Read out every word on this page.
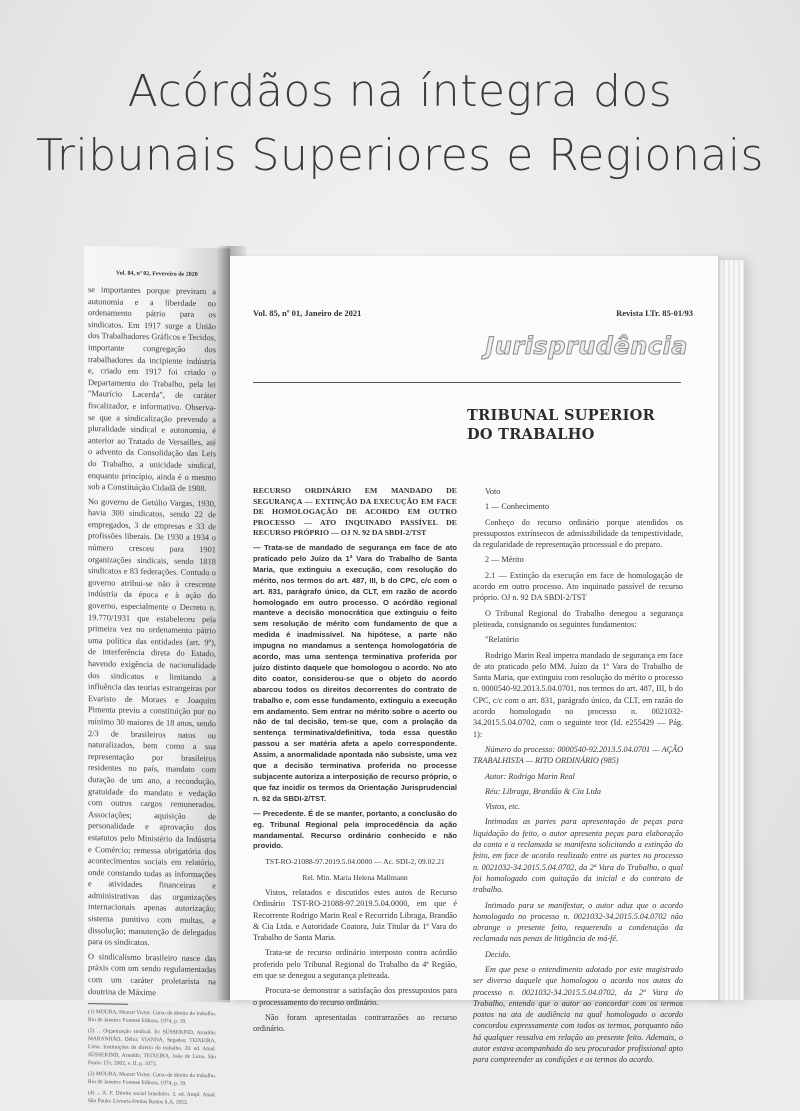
Acórdãos na íntegra dos
Tribunais Superiores e Regionais
Vol. 84, nº 02, Fevereiro de 2020

se importantes porque previram a autonomia e a liberdade no ordenamento pátrio para os sindicatos. Em 1917 surge a União dos Trabalhadores Gráficos e Tecidos, importante congregação dos trabalhadores da incipiente indústria e, criado em 1917 foi criado o Departamento do Trabalho, pela lei "Maurício Lacerda", de caráter fiscalizador, e informativo. Observa-se que a sindicalização prevendo a pluralidade sindical e autonomia, é anterior ao Tratado de Versailles, até o advento da Consolidação das Leis do Trabalho, a unicidade sindical, enquanto princípio, ainda é o mesmo sob a Constituição Cidadã de 1988.

No governo de Getúlio Vargas, 1930, havia 300 sindicatos, sendo 22 de empregados, 3 de empresas e 33 de profissões liberais. De 1930 a 1934 o número cresceu para 1901 organizações sindicais, sendo 1818 sindicatos e 83 federações. Contudo o governo atribui-se não à crescente indústria da época e à ação do governo, especialmente o Decreto n. 19.770/1931 que estabeleceu pela primeira vez no ordenamento pátrio uma política das entidades (art. 9º), de interferência direta do Estado, havendo exigência de nacionalidade dos sindicatos e limitando a influência das teorias estrangeiras por Evaristo de Moraes e Joaquim Pimenta previu a constituição por no mínimo 30 maiores de 18 anos, sendo 2/3 de brasileiros natos ou naturalizados, bem como a sua representação por brasileiros residentes no país, mandato com duração de um ano, a recondução, gratuidade do mandato e vedação com outros cargos remunerados. Associações; aquisição de personalidade e aprovação dos estatutos pelo Ministério da Indústria e Comércio; remessa obrigatória dos acontecimentos sociais em relatório, onde constando todas as informações e atividades financeiras e administrativas das organizações internacionais apenas autorização; sistema punitivo com multas, e dissolução; manutenção de delegados para os sindicatos.

O sindicalismo brasileiro nasce das práxis com um sendo regulamentadas com um caráter proletarista na doutrina de Máxime

(1) MOURA, Mozart Victor. Curso de direito do trabalho. Rio de Janeiro: Forense Editora, 1974, p. 19.

(2) ... Organização sindical. In: SÜSSEKIND, Arnaldo; MARANHÃO, Délio; VIANNA, Segadas; TEIXEIRA, Lima. Instituições de direito do trabalho. 20. ed. Atual. SÜSSEKIND, Arnaldo; TEIXEIRA, João de Lima. São Paulo: LTr, 2002, v. II, p. 1073.

(3) MOURA, Mozart Victor. Curso de direito do trabalho. Rio de Janeiro: Forense Editora, 1974, p. 19.

(4) ... A. F. Direito social brasileiro. 3. ed. Ampl. Atual. São Paulo: Livraria Freitas Bastos S.A, 1953.

Vol. 85, nº 01, Janeiro de 2021	Revista LTr. 85-01/93
Jurisprudência
TRIBUNAL SUPERIOR
DO TRABALHO

RECURSO ORDINÁRIO EM MANDADO DE SEGURANÇA — EXTINÇÃO DA EXECUÇÃO EM FACE DE HOMOLOGAÇÃO DE ACORDO EM OUTRO PROCESSO — ATO INQUINADO PASSÍVEL DE RECURSO PRÓPRIO — OJ N. 92 DA SBDI-2/TST

— Trata-se de mandado de segurança em face de ato praticado pelo Juízo da 1ª Vara do Trabalho de Santa Maria, que extinguiu a execução, com resolução do mérito, nos termos do art. 487, III, b do CPC, c/c com o art. 831, parágrafo único, da CLT, em razão de acordo homologado em outro processo. O acórdão regional manteve a decisão monocrática que extinguiu o feito sem resolução de mérito com fundamento de que a medida é inadmissível. Na hipótese, a parte não impugna no mandamus a sentença homologatória de acordo, mas uma sentença terminativa proferida por juízo distinto daquele que homologou o acordo. No ato dito coator, considerou-se que o objeto do acordo abarcou todos os direitos decorrentes do contrato de trabalho e, com esse fundamento, extinguiu a execução em andamento. Sem entrar no mérito sobre o acerto ou não de tal decisão, tem-se que, com a prolação da sentença terminativa/definitiva, toda essa questão passou a ser matéria afeta a apelo correspondente. Assim, a anormalidade apontada não subsiste, uma vez que a decisão terminativa proferida no processe subjacente autoriza a interposição de recurso próprio, o que faz incidir os termos da Orientação Jurisprudencial n. 92 da SBDI-2/TST.

— Precedente. É de se manter, portanto, a conclusão do eg. Tribunal Regional pela improcedência da ação mandamental. Recurso ordinário conhecido e não provido.

TST-RO-21088-97.2019.5.04.0000 — Ac. SDI-2, 09.02.21

Rel. Min. Maria Helena Mallmann

Vistos, relatados e discutidos estes autos de Recurso Ordinário TST-RO-21088-97.2019.5.04.0000, em que é Recorrente Rodrigo Marin Real e Recorrido Libraga, Brandão & Cia Ltda. e Autoridade Coatora, Juiz Titular da 1ª Vara do Trabalho de Santa Maria.

Trata-se de recurso ordinário interposto contra acórdão proferido pelo Tribunal Regional do Trabalho da 4ª Região, em que se denegou a segurança pleiteada.

Procura-se demonstrar a satisfação dos pressupostos para o processamento do recurso ordinário.

Não foram apresentadas contrarrazões ao recurso ordinário.

Voto

1 — Conhecimento

Conheço do recurso ordinário porque atendidos os pressupostos extrínsecos de admissibilidade da tempestividade, da regularidade de representação processual e do preparo.

2 — Mérito

2.1 — Extinção da execução em face de homologação de acordo em outro processo. Ato inquinado passível de recurso próprio. OJ n. 92 DA SBDI-2/TST

O Tribunal Regional do Trabalho denegou a segurança pleiteada, consignando os seguintes fundamentos:

"Relatório

Rodrigo Marin Real impetra mandado de segurança em face de ato praticado pelo MM. Juízo da 1ª Vara do Trabalho de Santa Maria, que extinguiu com resolução do mérito o processo n. 0000540-92.2013.5.04.0701, nos termos do art. 487, III, b do CPC, c/c com o art. 831, parágrafo único, da CLT, em razão do acordo homologado no processo n. 0021032-34.2015.5.04.0702, com o seguinte teor (Id. e255429 — Pág. 1):

Número do processo: 0000540-92.2013.5.04.0701 — AÇÃO TRABALHISTA — RITO ORDINÁRIO (985)

Autor: Rodrigo Marin Real

Réu: Libraga, Brandão & Cia Ltda

Vistos, etc.

Intimadas as partes para apresentação de peças para liquidação do feito, o autor apresenta peças para elaboração da conta e a reclamada se manifesta solicitando a extinção do feito, em face de acordo realizado entre as partes no processo n. 0021032-34.2015.5.04.0702, da 2ª Vara do Trabalho, o qual foi homologado com quitação da inicial e do contrato de trabalho.

Intimado para se manifestar, o autor aduz que o acordo homologado no processo n. 0021032-34.2015.5.04.0702 não abrange o presente feito, requerendo a condenação da reclamada nas penas de litigância de má-fé.

Decido.

Em que pese o entendimento adotado por este magistrado ser diverso daquele que homologou o acordo nos autos do processo n. 0021032-34.2015.5.04.0702, da 2ª Vara do Trabalho, entendo que o autor ao concordar com os termos postos na ata de audiência na qual homologado o acordo concordou expressamente com todos os termos, porquanto não há qualquer ressalva em relação ao presente feito. Ademais, o autor estava acompanhado do seu procurador profissional apto para compreender as condições e os termos do acordo.
